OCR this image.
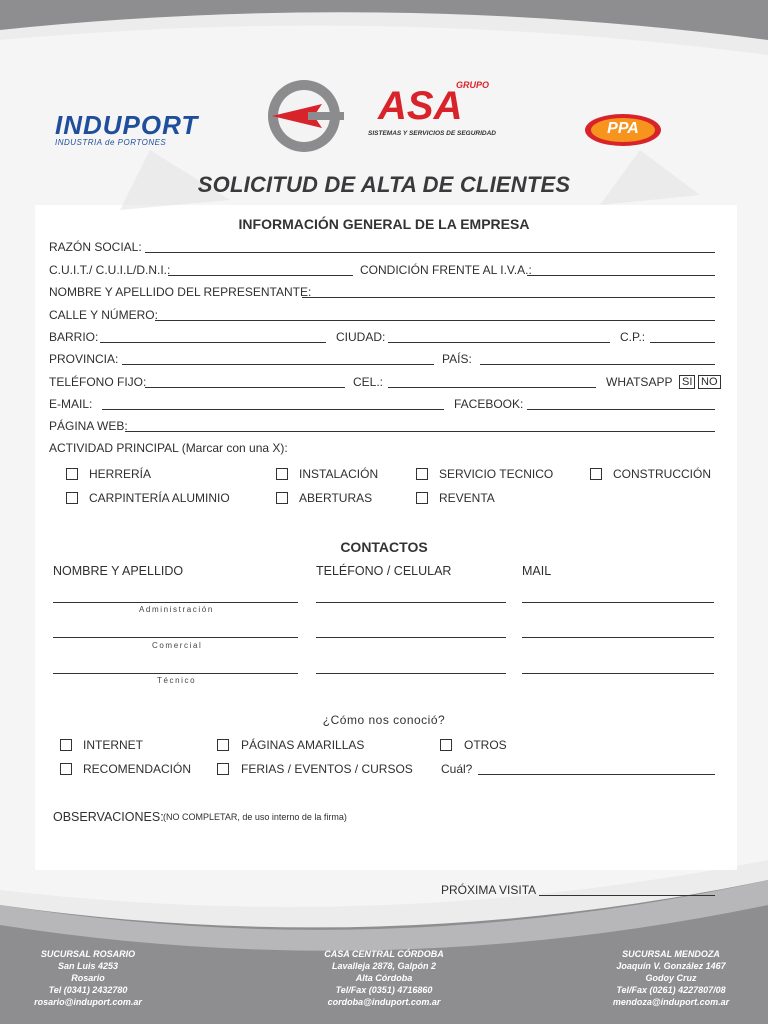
INDUPORT
INDUSTRIA de PORTONES
GRUPO
ASA
SISTEMAS Y SERVICIOS DE SEGURIDAD	PPA
SOLICITUD DE ALTA DE CLIENTES
INFORMACIÓN GENERAL DE LA EMPRESA
RAZÓN SOCIAL:
C.U.I.T./ C.U.I.L/D.N.I.:	CONDICIÓN FRENTE AL I.V.A.:
NOMBRE Y APELLIDO DEL REPRESENTANTE:
CALLE Y NÚMERO:
BARRIO:	CIUDAD:	C.P.:
PROVINCIA:	PAÍS:
TELÉFONO FIJO:	CEL.:	WHATSAPP SI NO
E-MAIL:	FACEBOOK:
PÁGINA WEB:
ACTIVIDAD PRINCIPAL (Marcar con una X):
HERRERÍA	INSTALACIÓN	SERVICIO TECNICO	CONSTRUCCIÓN
CARPINTERÍA ALUMINIO	ABERTURAS	REVENTA
CONTACTOS
NOMBRE Y APELLIDO	TELÉFONO / CELULAR	MAIL
Administración
Comercial
Técnico
¿Cómo nos conoció?
INTERNET	PÁGINAS AMARILLAS	OTROS
RECOMENDACIÓN	FERIAS / EVENTOS / CURSOS Cuál?
OBSERVACIONES: (NO COMPLETAR, de uso interno de la firma)
PRÓXIMA VISITA
SUCURSAL ROSARIO
San Luis 4253
Rosario
Tel (0341) 2432780
rosario@induport.com.ar
CASA CENTRAL CÓRDOBA
Lavalleja 2878, Galpón 2
Alta Córdoba
Tel/Fax (0351) 4716860
cordoba@induport.com.ar
SUCURSAL MENDOZA
Joaquín V. González 1467
Godoy Cruz
Tel/Fax (0261) 4227807/08
mendoza@induport.com.ar
